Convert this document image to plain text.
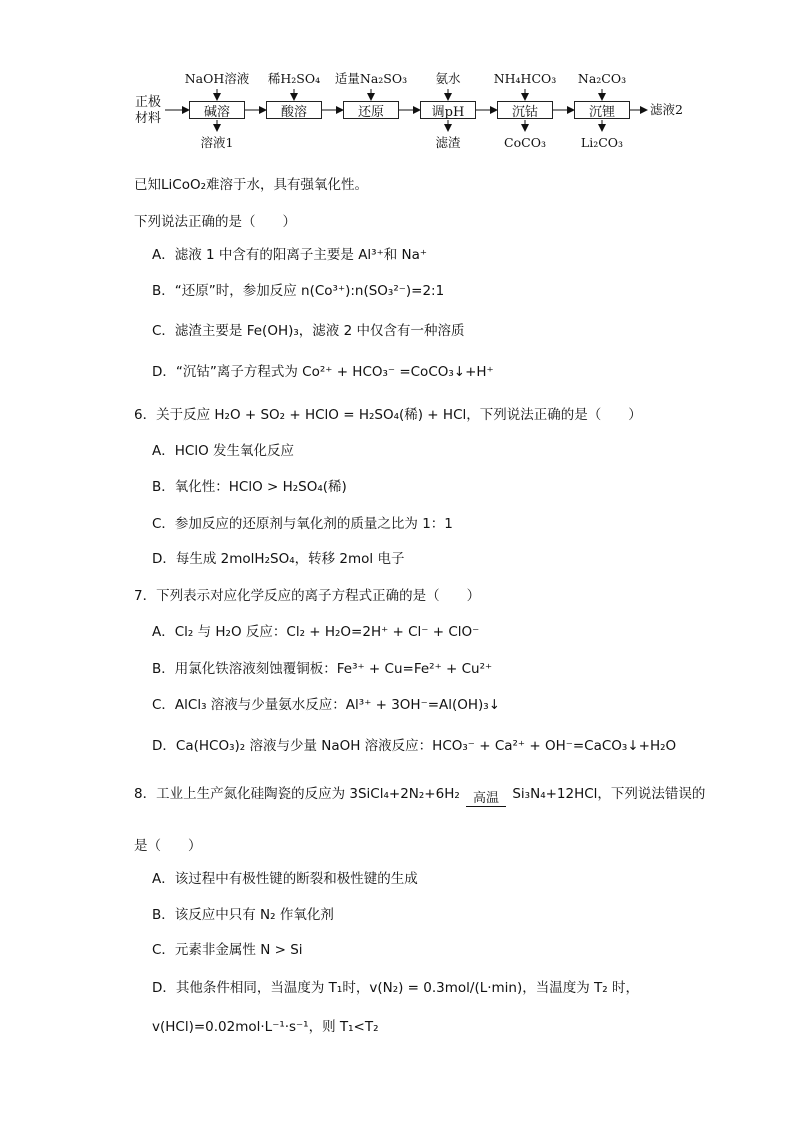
正极
材料
NaOH溶液 稀H₂SO₄ 适量Na₂SO₃ 氨水	NH₄HCO₃ Na₂CO₃
碱溶	酸溶	还原	调pH	沉钴	沉锂	滤液2
溶液1	滤渣	CoCO₃	Li₂CO₃
已知LiCoO₂难溶于水，具有强氧化性。
下列说法正确的是（　　）
A．滤液 1 中含有的阳离子主要是 Al³⁺和 Na⁺
B．“还原”时，参加反应 n(Co³⁺):n(SO₃²⁻)=2:1
C．滤渣主要是 Fe(OH)₃，滤液 2 中仅含有一种溶质
D．“沉钴”离子方程式为 Co²⁺ + HCO₃⁻ =CoCO₃↓+H⁺
6．关于反应 H₂O + SO₂ + HClO = H₂SO₄(稀) + HCl，下列说法正确的是（　　）
A．HClO 发生氧化反应
B．氧化性：HClO > H₂SO₄(稀)
C．参加反应的还原剂与氧化剂的质量之比为 1：1
D．每生成 2molH₂SO₄，转移 2mol 电子
7．下列表示对应化学反应的离子方程式正确的是（　　）
A．Cl₂ 与 H₂O 反应：Cl₂ + H₂O=2H⁺ + Cl⁻ + ClO⁻
B．用氯化铁溶液刻蚀覆铜板：Fe³⁺ + Cu=Fe²⁺ + Cu²⁺
C．AlCl₃ 溶液与少量氨水反应：Al³⁺ + 3OH⁻=Al(OH)₃↓
D．Ca(HCO₃)₂ 溶液与少量 NaOH 溶液反应：HCO₃⁻ + Ca²⁺ + OH⁻=CaCO₃↓+H₂O
8．工业上生产氮化硅陶瓷的反应为 3SiCl₄+2N₂+6H₂	高温 Si₃N₄+12HCl，下列说法错误的
是（　　）
A．该过程中有极性键的断裂和极性键的生成
B．该反应中只有 N₂ 作氧化剂
C．元素非金属性 N > Si
D．其他条件相同，当温度为 T₁时，v(N₂) = 0.3mol/(L·min)，当温度为 T₂ 时，
v(HCl)=0.02mol·L⁻¹·s⁻¹，则 T₁<T₂
